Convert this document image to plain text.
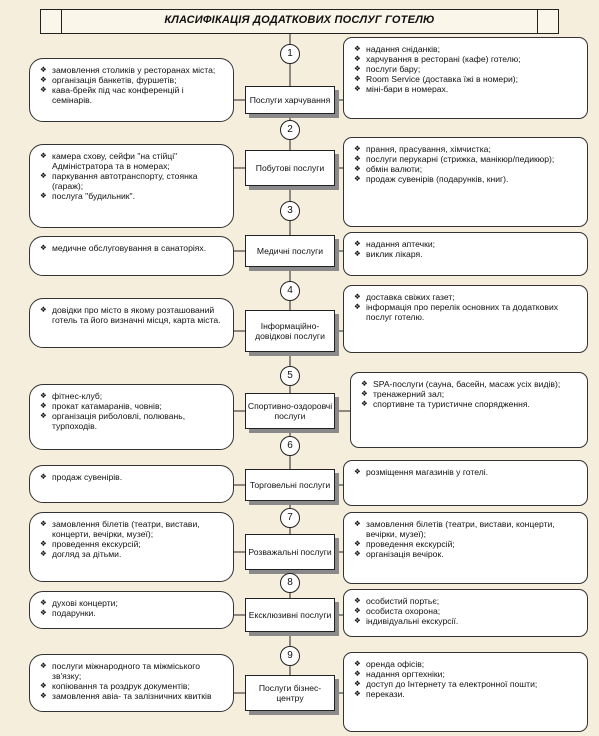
КЛАСИФІКАЦІЯ ДОДАТКОВИХ ПОСЛУГ ГОТЕЛЮ
1
Послуги харчування
❖ замовлення столиків у ресторанах міста;
❖ організація банкетів, фуршетів;
❖ кава-брейк під час конференцій і семінарів.
❖ надання сніданків;
❖ харчування в ресторані (кафе) готелю;
❖ послуги бару;
❖ Room Service (доставка їжі в номери);
❖ міні-бари в номерах.
2
Побутові послуги
❖ камера схову, сейфи "на стійці" Адміністратора та в номерах;
❖ паркування автотранспорту, стоянка (гараж);
❖ послуга "будильник".
❖ прання, прасування, хімчистка;
❖ послуги перукарні (стрижка, манікюр/педикюр);
❖ обмін валюти;
❖ продаж сувенірів (подарунків, книг).
3
Медичні послуги
❖ медичне обслуговування в санаторіях.	❖ надання аптечки;
❖ виклик лікаря.
4
Інформаційно-довідкові послуги
❖ довідки про місто в якому розташований готель та його визначні місця, карта міста.
❖ доставка свіжих газет;
❖ інформація про перелік основних та додаткових послуг готелю.
5
Спортивно-оздоровчі послуги
❖ фітнес-клуб;
❖ прокат катамаранів, човнів;
❖ організація риболовлі, полювань, турпоходів.
❖ SPA-послуги (сауна, басейн, масаж усіх видів);
❖ тренажерний зал;
❖ спортивне та туристичне спорядження.
6
Торговельні послуги
❖ продаж сувенірів.	❖ розміщення магазинів у готелі.
7
Розважальні послуги
❖ замовлення білетів (театри, вистави, концерти, вечірки, музеї);
❖ проведення екскурсій;
❖ догляд за дітьми.
❖ замовлення білетів (театри, вистави, концерти, вечірки, музеї);
❖ проведення екскурсій;
❖ організація вечірок.
8
Ексклюзивні послуги
❖ духові концерти;
❖ подарунки.
❖ особистий портьє;
❖ особиста охорона;
❖ індивідуальні екскурсії.
9
Послуги бізнес-центру
❖ послуги міжнародного та міжміського зв'язку;
❖ копіювання та роздрук документів;
❖ замовлення авіа- та залізничних квитків
❖ оренда офісів;
❖ надання оргтехніки;
❖ доступ до Інтернету та електронної пошти;
❖ перекази.
